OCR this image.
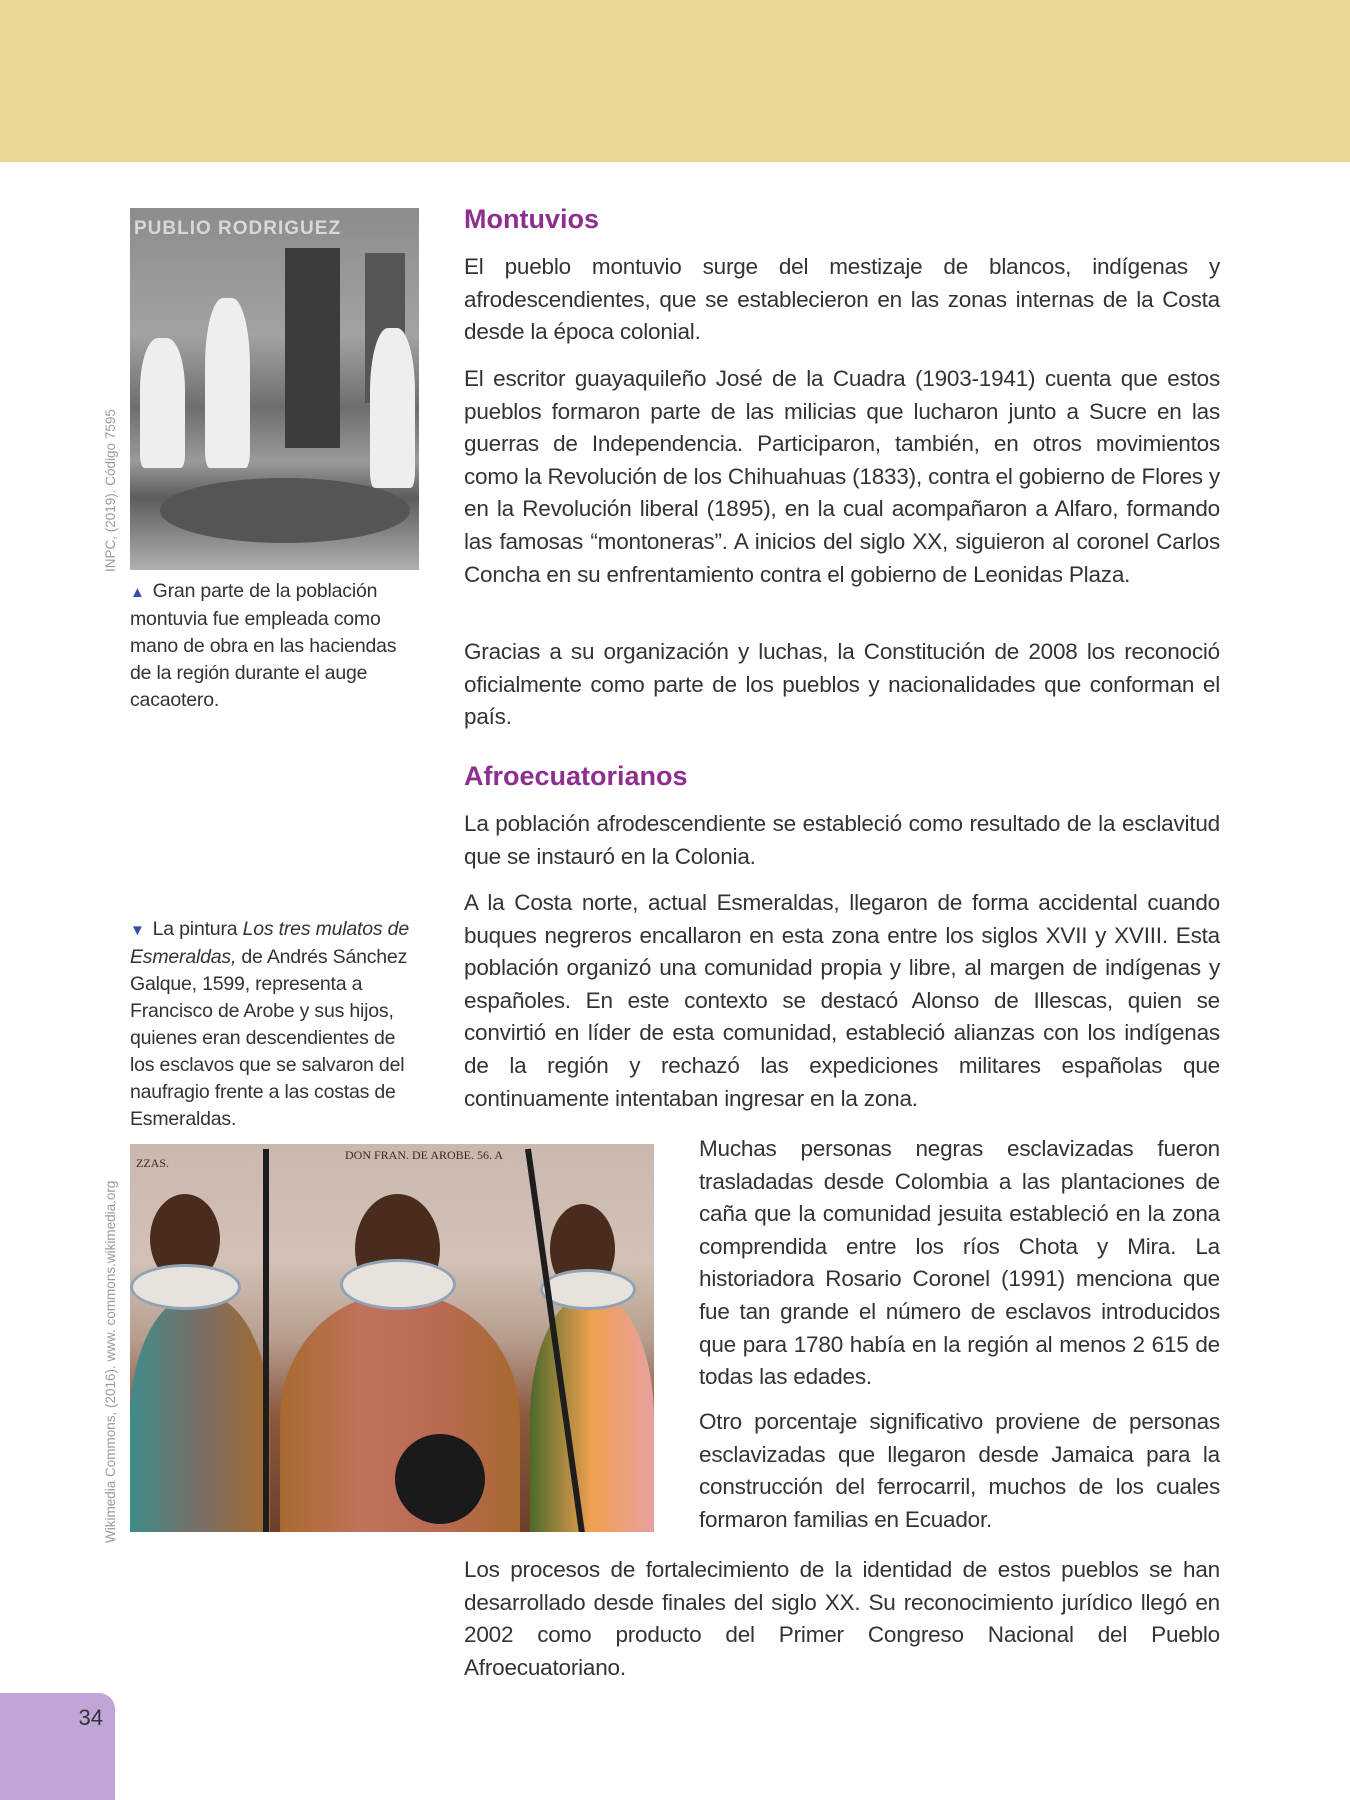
PUBLIO RODRIGUEZ
INPC, (2019). Código 7595

▲ Gran parte de la población montuvia fue empleada como mano de obra en las haciendas de la región durante el auge cacaotero.

Montuvios

El pueblo montuvio surge del mestizaje de blancos, indígenas y afrodescendientes, que se establecieron en las zonas internas de la Costa desde la época colonial.

El escritor guayaquileño José de la Cuadra (1903-1941) cuenta que estos pueblos formaron parte de las milicias que lucharon junto a Sucre en las guerras de Independencia. Participaron, también, en otros movimientos como la Revolución de los Chihuahuas (1833), contra el gobierno de Flores y en la Revolución liberal (1895), en la cual acompañaron a Alfaro, formando las famosas “montoneras”. A inicios del siglo XX, siguieron al coronel Carlos Concha en su enfrentamiento contra el gobierno de Leonidas Plaza.

Gracias a su organización y luchas, la Constitución de 2008 los reconoció oficialmente como parte de los pueblos y nacionalidades que conforman el país.

Afroecuatorianos

La población afrodescendiente se estableció como resultado de la esclavitud que se instauró en la Colonia.

A la Costa norte, actual Esmeraldas, llegaron de forma accidental cuando buques negreros encallaron en esta zona entre los siglos XVII y XVIII. Esta población organizó una comunidad propia y libre, al margen de indígenas y españoles. En este contexto se destacó Alonso de Illescas, quien se convirtió en líder de esta comunidad, estableció alianzas con los indígenas de la región y rechazó las expediciones militares españolas que continuamente intentaban ingresar en la zona.

▼ La pintura Los tres mulatos de Esmeraldas, de Andrés Sánchez Galque, 1599, representa a Francisco de Arobe y sus hijos, quienes eran descendientes de los esclavos que se salvaron del naufragio frente a las costas de Esmeraldas.

ZZAS.
DON FRAN. DE AROBE. 56. A
Wikimedia Commons, (2016). www. commons.wikimedia.org

Muchas personas negras esclavizadas fueron trasladadas desde Colombia a las plantaciones de caña que la comunidad jesuita estableció en la zona comprendida entre los ríos Chota y Mira. La historiadora Rosario Coronel (1991) menciona que fue tan grande el número de esclavos introducidos que para 1780 había en la región al menos 2 615 de todas las edades.

Otro porcentaje significativo proviene de personas esclavizadas que llegaron desde Jamaica para la construcción del ferrocarril, muchos de los cuales formaron familias en Ecuador.

Los procesos de fortalecimiento de la identidad de estos pueblos se han desarrollado desde finales del siglo XX. Su reconocimiento jurídico llegó en 2002 como producto del Primer Congreso Nacional del Pueblo Afroecuatoriano.

34
